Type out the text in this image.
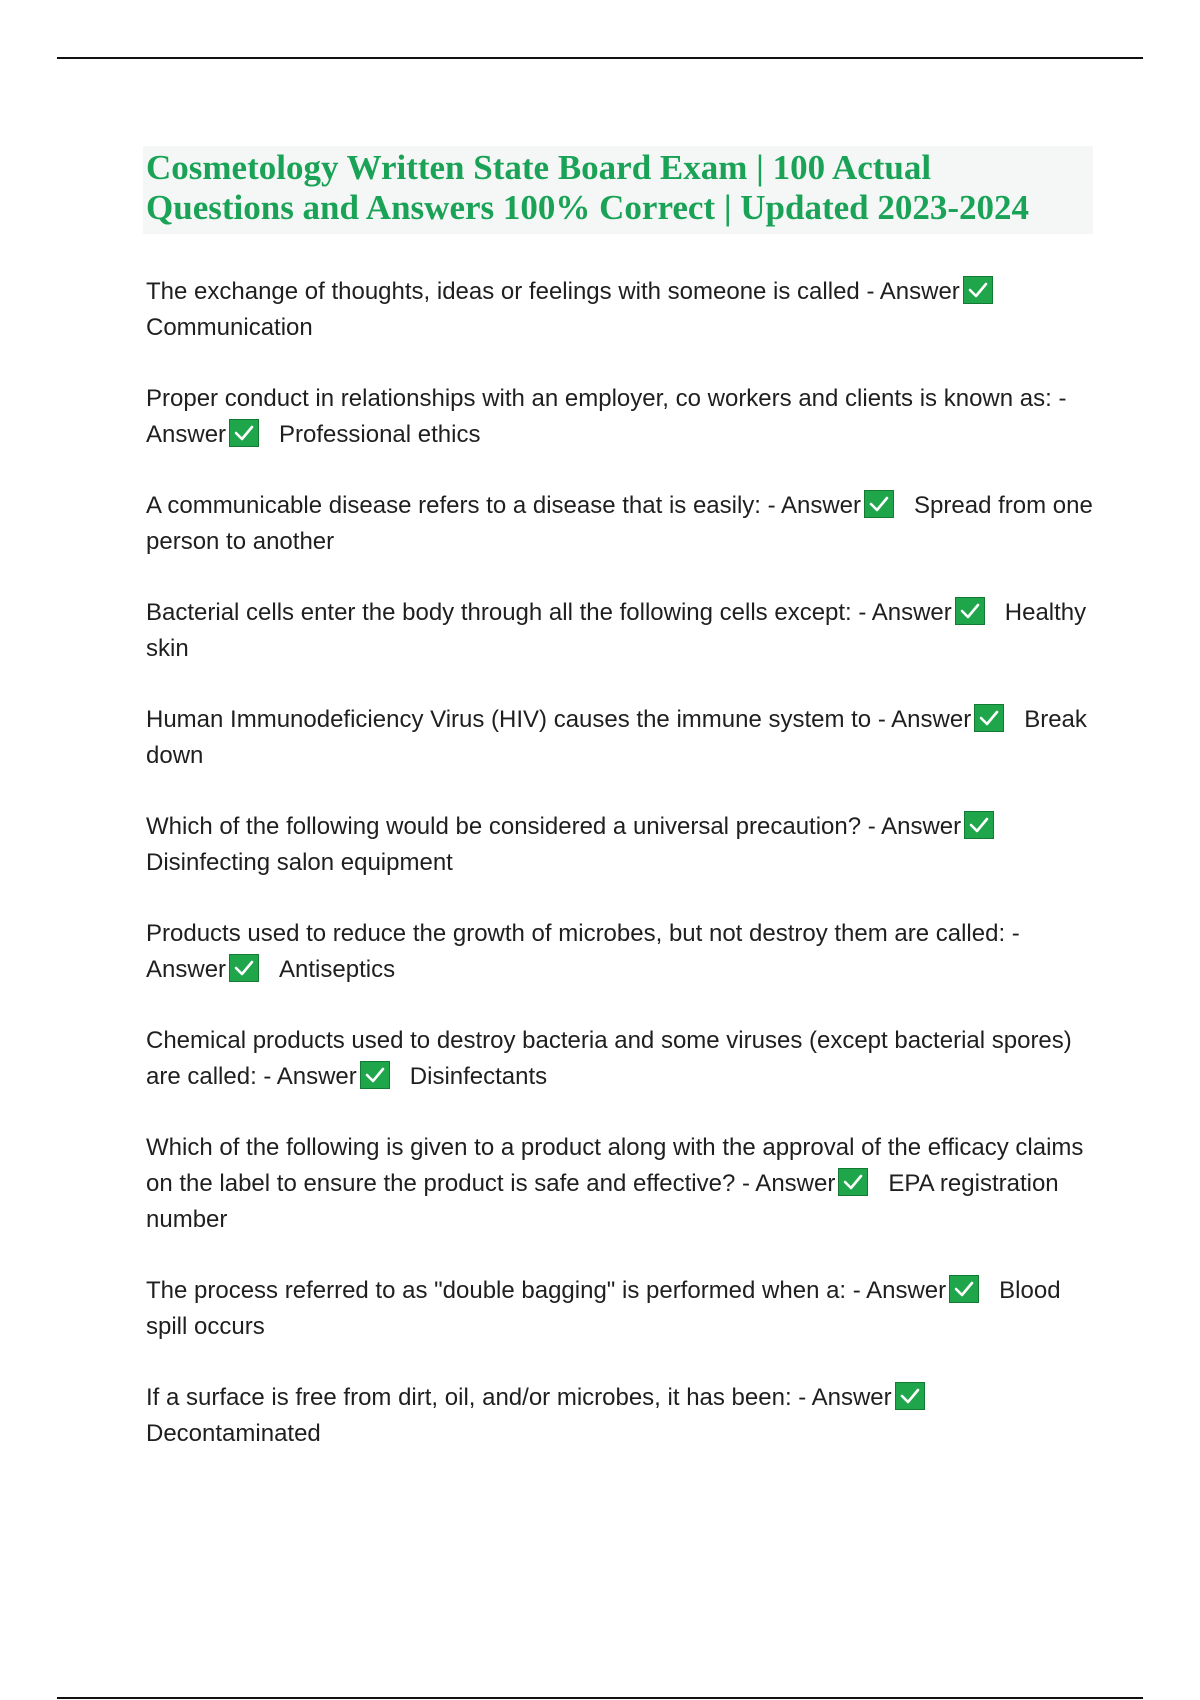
Cosmetology Written State Board Exam | 100 Actual
Questions and Answers 100% Correct | Updated 2023-2024
The exchange of thoughts, ideas or feelings with someone is called - Answer
Communication
Proper conduct in relationships with an employer, co workers and clients is known as: - Answer Professional ethics
A communicable disease refers to a disease that is easily: - Answer Spread from one person to another
Bacterial cells enter the body through all the following cells except: - Answer Healthy skin
Human Immunodeficiency Virus (HIV) causes the immune system to - Answer Break down
Which of the following would be considered a universal precaution? - Answer
Disinfecting salon equipment
Products used to reduce the growth of microbes, but not destroy them are called: - Answer Antiseptics
Chemical products used to destroy bacteria and some viruses (except bacterial spores) are called: - Answer Disinfectants
Which of the following is given to a product along with the approval of the efficacy claims on the label to ensure the product is safe and effective? - Answer EPA registration number
The process referred to as "double bagging" is performed when a: - Answer Blood spill occurs
If a surface is free from dirt, oil, and/or microbes, it has been: - Answer
Decontaminated
